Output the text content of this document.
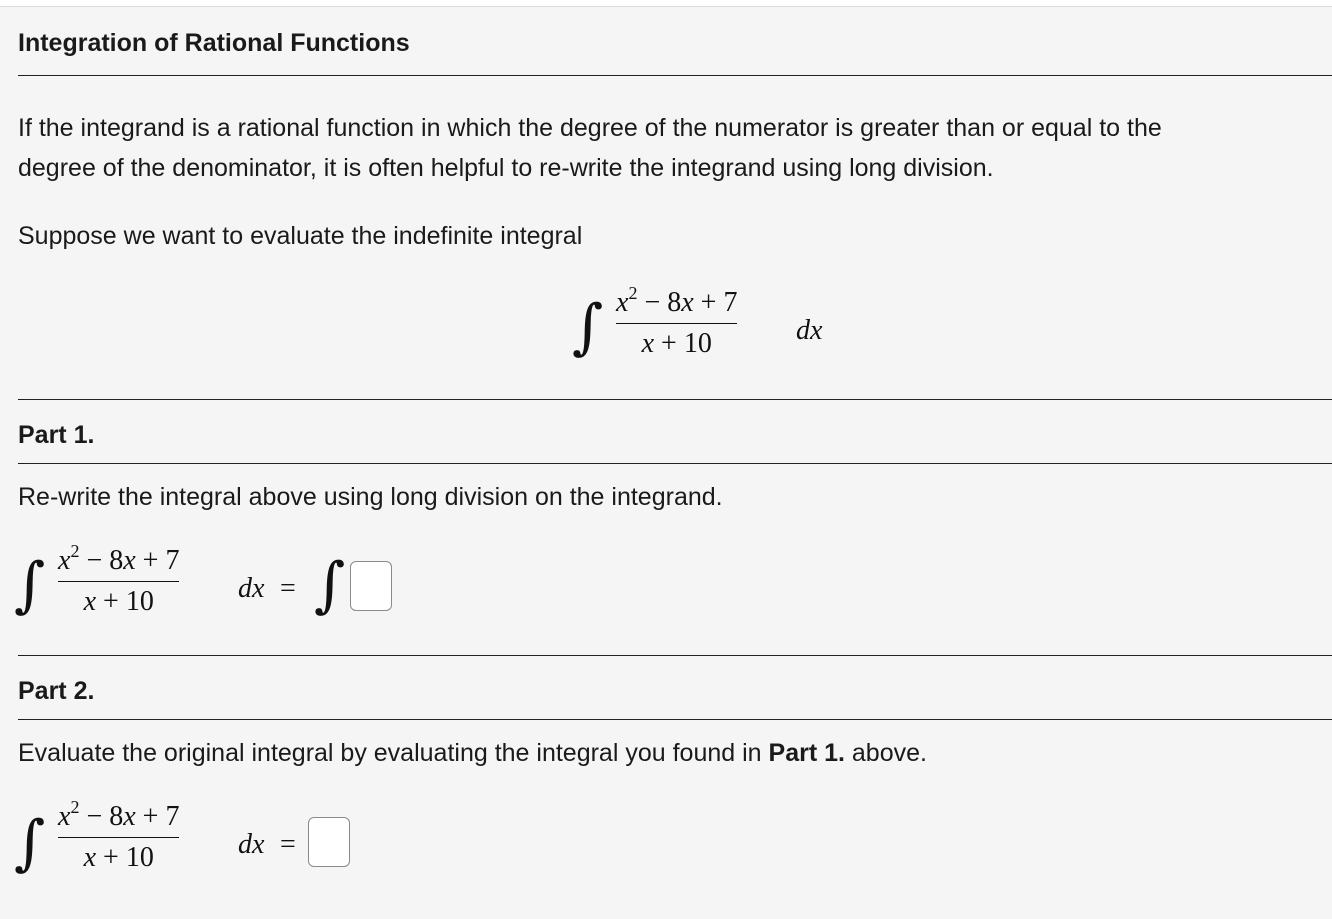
Integration of Rational Functions
If the integrand is a rational function in which the degree of the numerator is greater than or equal to the
degree of the denominator, it is often helpful to re-write the integrand using long division.
Suppose we want to evaluate the indefinite integral
∫ $x^2 - 8x + 7$
x + 10	dx
Part 1.
Re-write the integral above using long division on the integrand.
∫ $x^2 - 8x + 7$
x + 10	dx = ∫
Part 2.
Evaluate the original integral by evaluating the integral you found in Part 1. above.
∫ $x^2 - 8x + 7$
x + 10	dx =
